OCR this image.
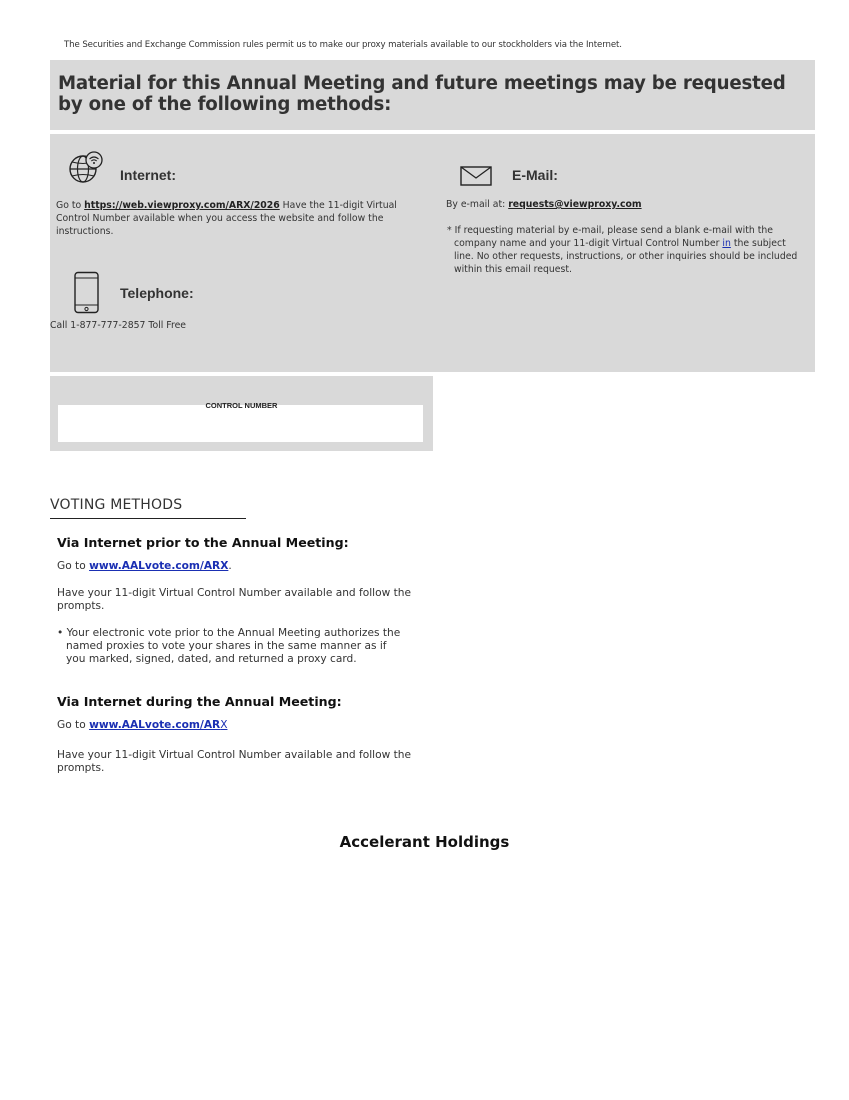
The Securities and Exchange Commission rules permit us to make our proxy materials available to our stockholders via the Internet.
Material for this Annual Meeting and future meetings may be requested by one of the following methods:
Internet:
Go to https://web.viewproxy.com/ARX/2026 Have the 11-digit Virtual Control Number available when you access the website and follow the instructions.
Telephone:
Call 1-877-777-2857 Toll Free
E-Mail:
By e-mail at: requests@viewproxy.com
* If requesting material by e-mail, please send a blank e-mail with the company name and your 11-digit Virtual Control Number in the subject line. No other requests, instructions, or other inquiries should be included within this email request.
CONTROL NUMBER
VOTING METHODS
Via Internet prior to the Annual Meeting:
Go to www.AALvote.com/ARX.
Have your 11-digit Virtual Control Number available and follow the prompts.
• Your electronic vote prior to the Annual Meeting authorizes the named proxies to vote your shares in the same manner as if you marked, signed, dated, and returned a proxy card.
Via Internet during the Annual Meeting:
Go to www.AALvote.com/ARX
Have your 11-digit Virtual Control Number available and follow the prompts.
Accelerant Holdings
